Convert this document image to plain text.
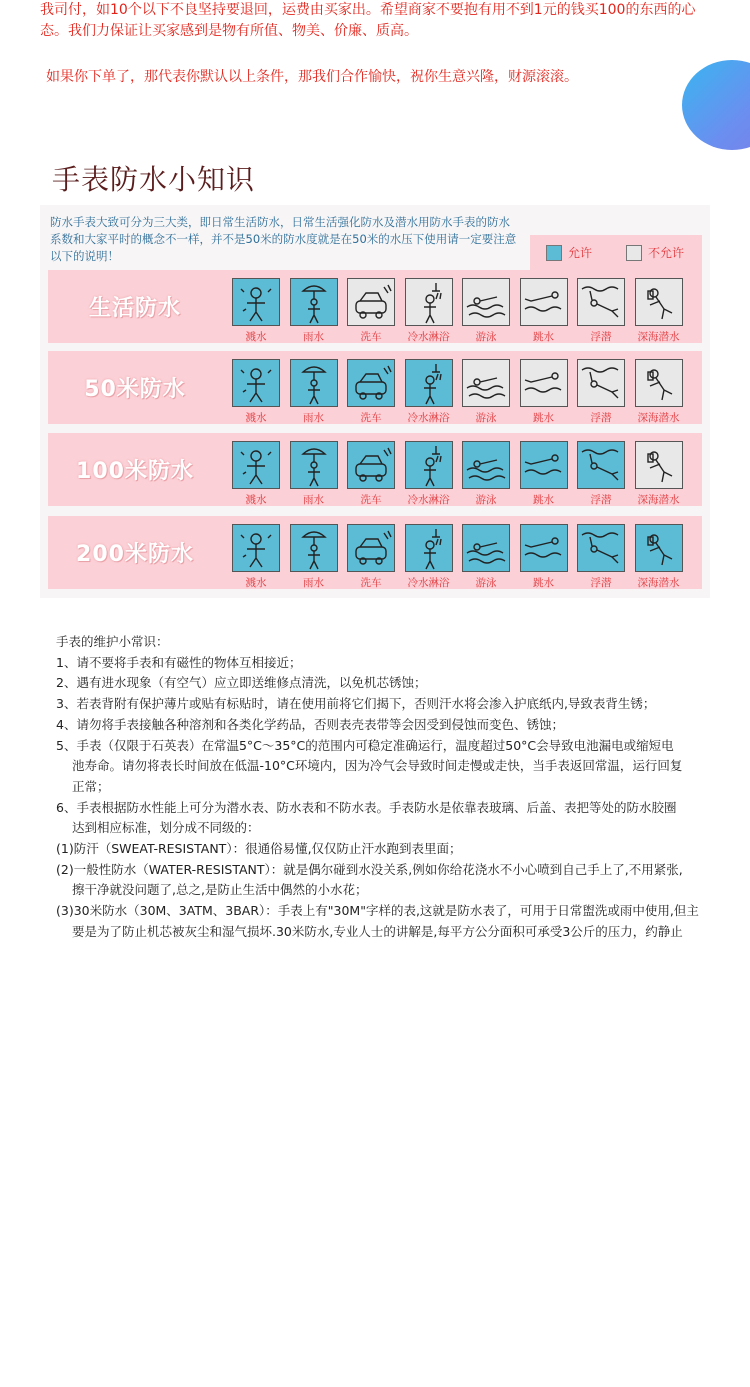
我司付，如10个以下不良坚持要退回，运费由买家出。希望商家不要抱有用不到1元的钱买100的东西的心态。我们力保证让买家感到是物有所值、物美、价廉、质高。
如果你下单了，那代表你默认以上条件，那我们合作愉快，祝你生意兴隆，财源滚滚。
手表防水小知识
防水手表大致可分为三大类，即日常生活防水，日常生活强化防水及潜水用防水手表的防水系数和大家平时的概念不一样，并不是50米的防水度就是在50米的水压下使用请一定要注意以下的说明！	允许	不允许
生活防水
溅水	雨水	洗车	冷水淋浴	游泳	跳水	浮潜	深海潜水
50米防水
溅水	雨水	洗车	冷水淋浴	游泳	跳水	浮潜	深海潜水
100米防水
溅水	雨水	洗车	冷水淋浴	游泳	跳水	浮潜	深海潜水
200米防水
溅水	雨水	洗车	冷水淋浴	游泳	跳水	浮潜	深海潜水

手表的维护小常识：

1、请不要将手表和有磁性的物体互相接近；

2、遇有进水现象（有空气）应立即送维修点清洗，以免机芯锈蚀；

3、若表背附有保护薄片或贴有标贴时，请在使用前将它们揭下，否则汗水将会渗入护底纸内,导致表背生锈；

4、请勿将手表接触各种溶剂和各类化学药品，否则表壳表带等会因受到侵蚀而变色、锈蚀；

5、手表（仅限于石英表）在常温5°C～35°C的范围内可稳定准确运行，温度超过50°C会导致电池漏电或缩短电

池寿命。请勿将表长时间放在低温-10°C环境内，因为冷气会导致时间走慢或走快，当手表返回常温，运行回复

正常；

6、手表根据防水性能上可分为潜水表、防水表和不防水表。手表防水是依靠表玻璃、后盖、表把等处的防水胶圈

达到相应标准，划分成不同级的：

(1)防汗（SWEAT-RESISTANT）：很通俗易懂,仅仅防止汗水跑到表里面；

(2)一般性防水（WATER-RESISTANT）：就是偶尔碰到水没关系,例如你给花浇水不小心喷到自己手上了,不用紧张,

擦干净就没问题了,总之,是防止生活中偶然的小水花；

(3)30米防水（30M、3ATM、3BAR）：手表上有"30M"字样的表,这就是防水表了，可用于日常盥洗或雨中使用,但主

要是为了防止机芯被灰尘和湿气损坏.30米防水,专业人士的讲解是,每平方公分面积可承受3公斤的压力，约静止
